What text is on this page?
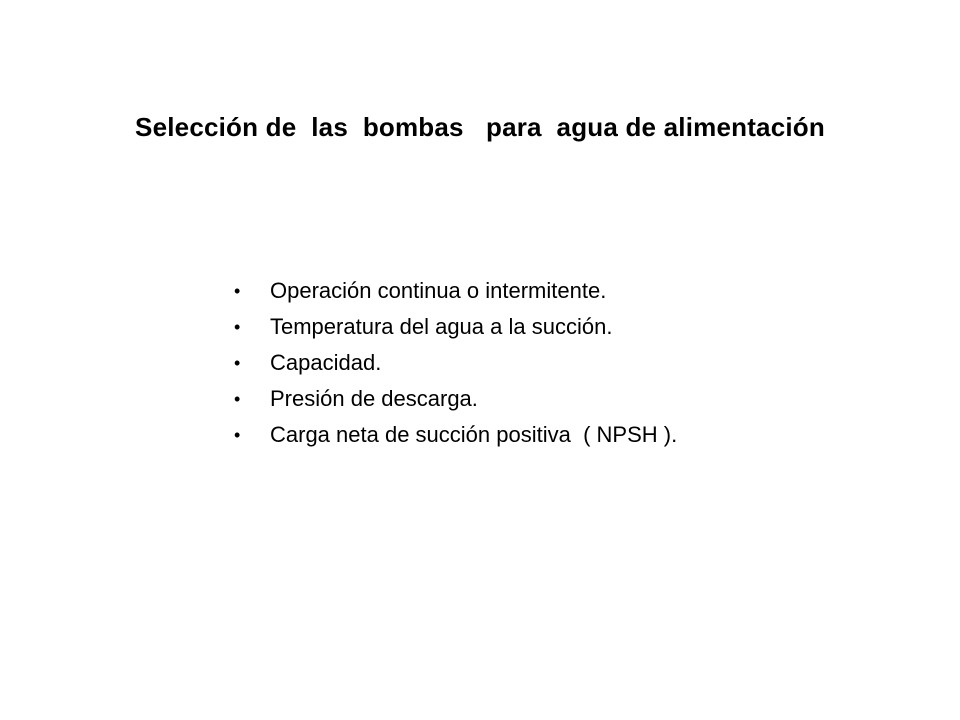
Selección de  las  bombas   para  agua de alimentación

•

Operación continua o intermitente.

•

Temperatura del agua a la succión.

•

Capacidad.

•

Presión de descarga.

•

Carga neta de succión positiva  ( NPSH ).
